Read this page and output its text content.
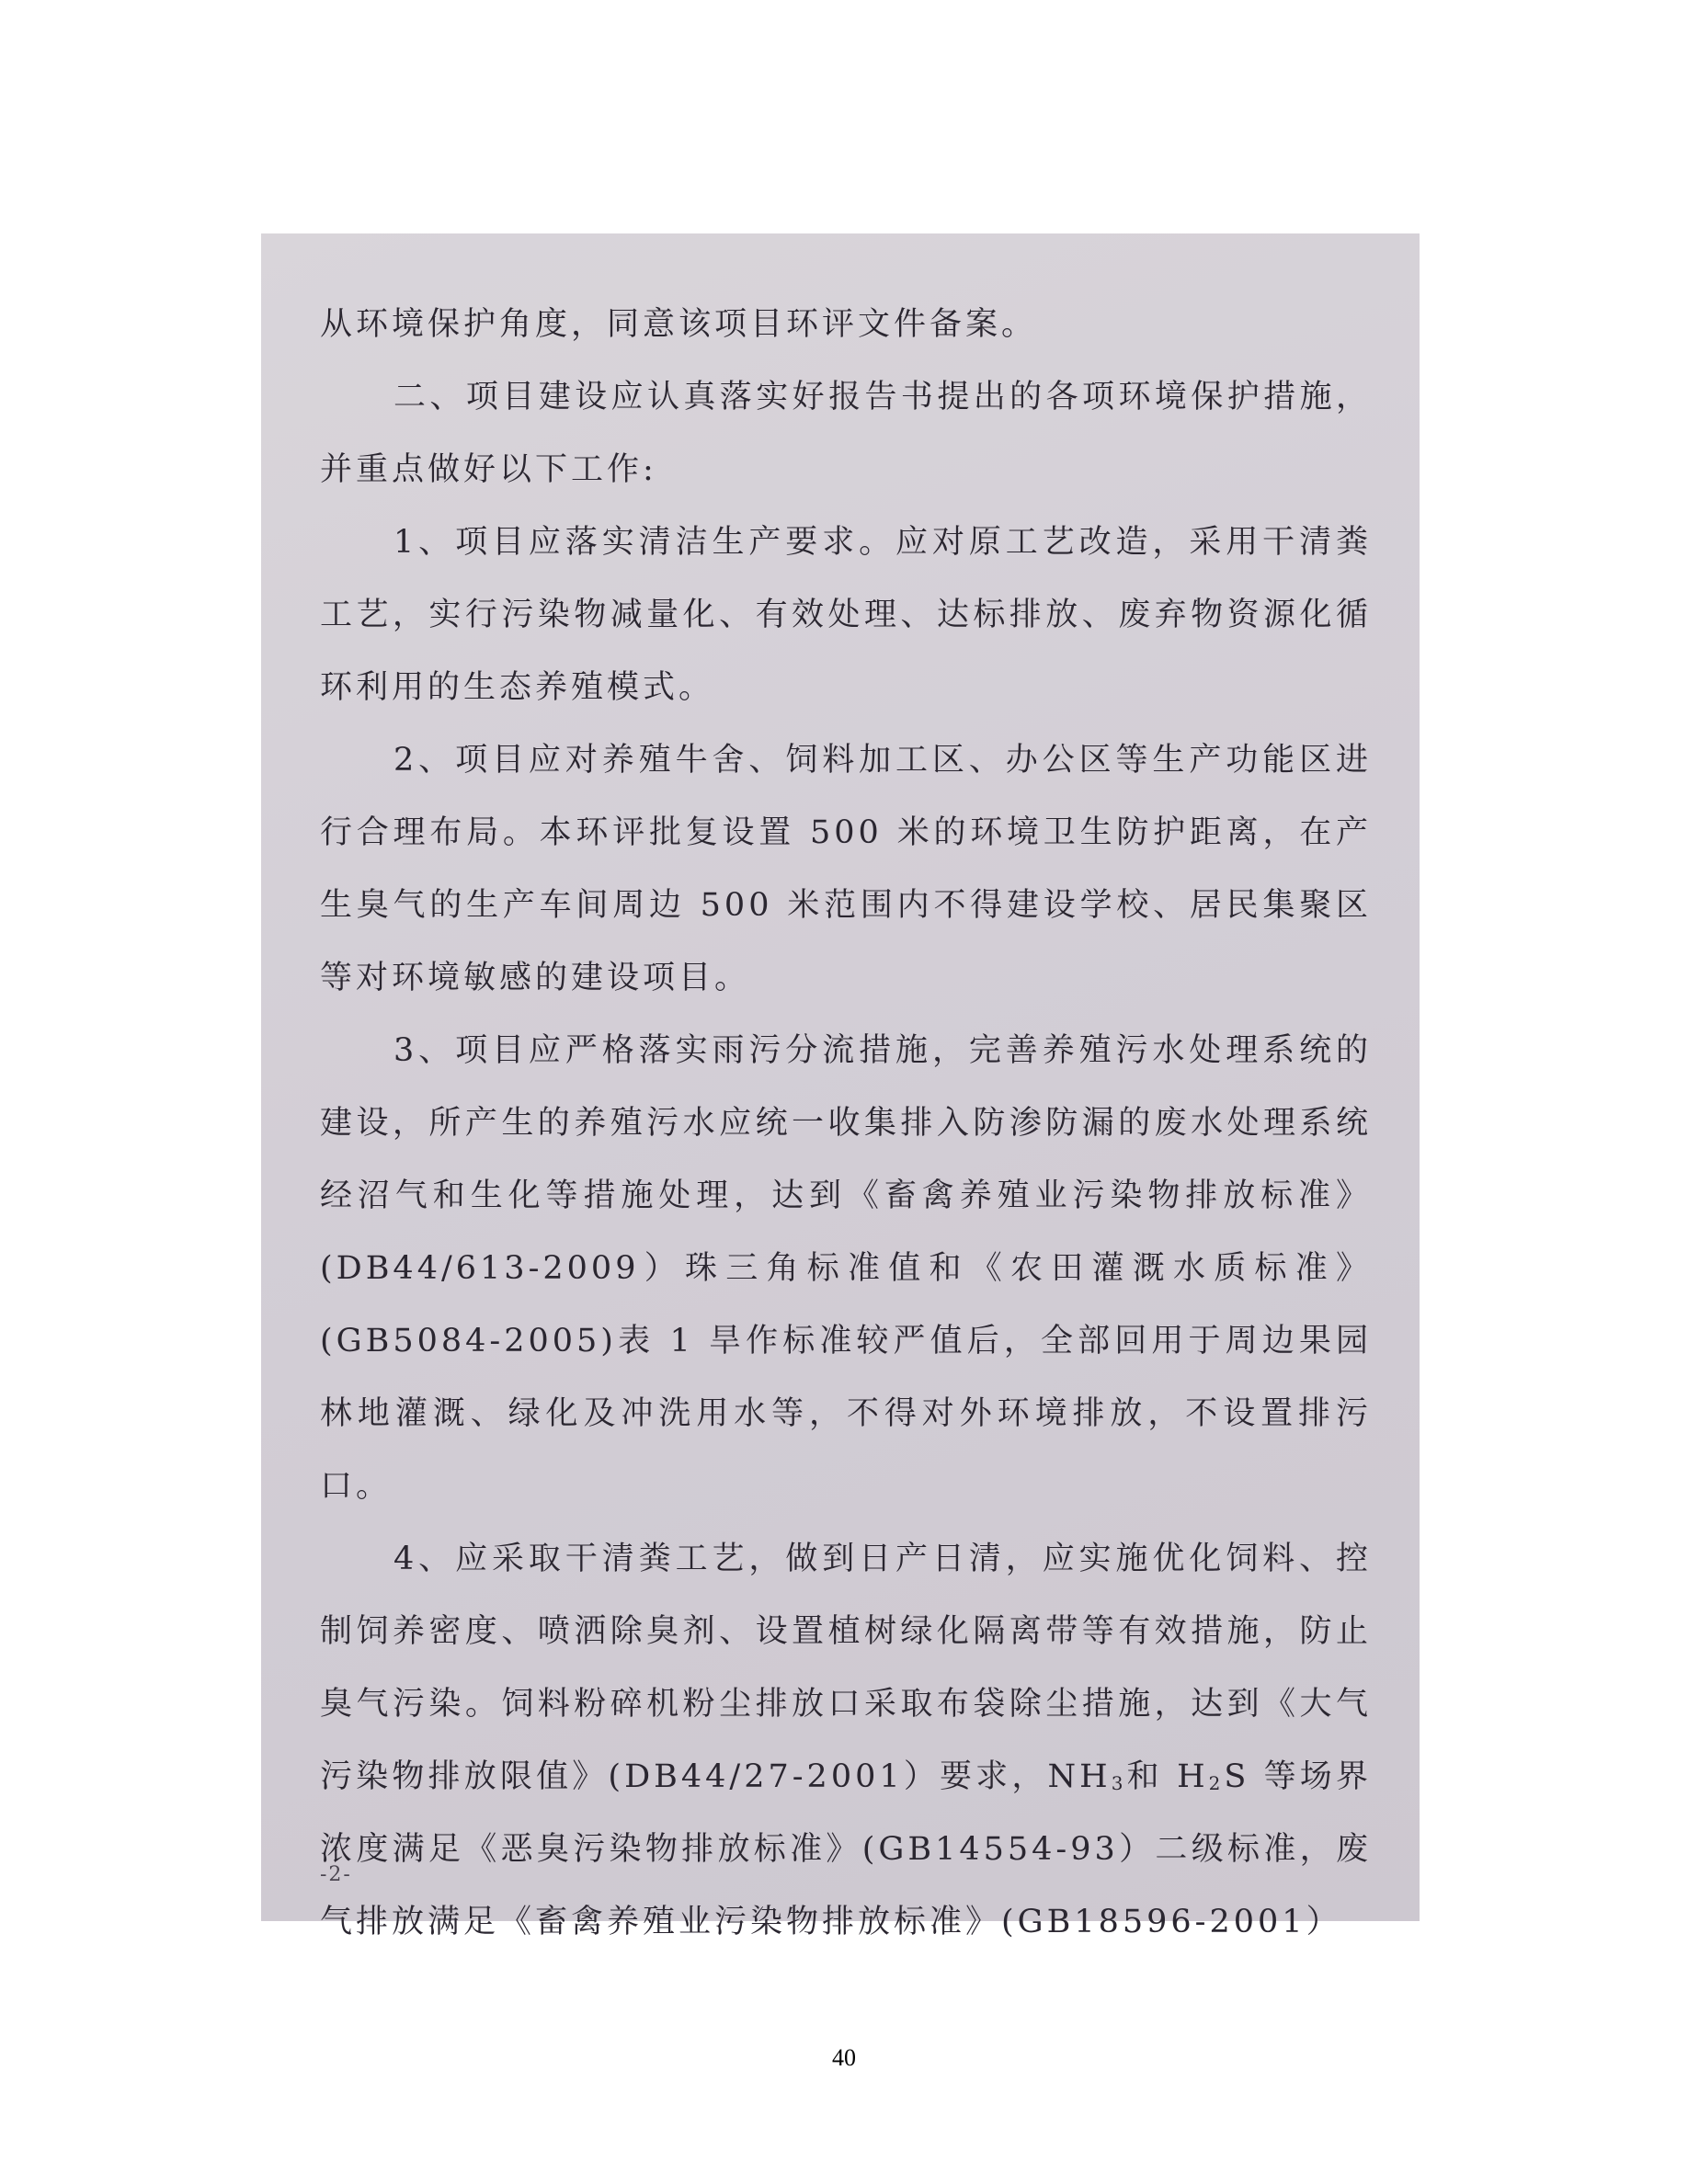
从环境保护角度，同意该项目环评文件备案。

二、项目建设应认真落实好报告书提出的各项环境保护措施，并重点做好以下工作:

1、项目应落实清洁生产要求。应对原工艺改造，采用干清粪工艺，实行污染物减量化、有效处理、达标排放、废弃物资源化循环利用的生态养殖模式。

2、项目应对养殖牛舍、饲料加工区、办公区等生产功能区进行合理布局。本环评批复设置 500 米的环境卫生防护距离，在产生臭气的生产车间周边 500 米范围内不得建设学校、居民集聚区等对环境敏感的建设项目。

3、项目应严格落实雨污分流措施，完善养殖污水处理系统的建设，所产生的养殖污水应统一收集排入防渗防漏的废水处理系统经沼气和生化等措施处理，达到《畜禽养殖业污染物排放标准》(DB44/613-2009）珠三角标准值和《农田灌溉水质标准》(GB5084-2005)表 1 旱作标准较严值后，全部回用于周边果园林地灌溉、绿化及冲洗用水等，不得对外环境排放，不设置排污口。

4、应采取干清粪工艺，做到日产日清，应实施优化饲料、控制饲养密度、喷洒除臭剂、设置植树绿化隔离带等有效措施，防止臭气污染。饲料粉碎机粉尘排放口采取布袋除尘措施，达到《大气污染物排放限值》(DB44/27-2001）要求，$NH_3$和 $H_2S$ 等场界浓度满足《恶臭污染物排放标准》(GB14554-93）二级标准，废气排放满足《畜禽养殖业污染物排放标准》(GB18596-2001）

-2-
40
